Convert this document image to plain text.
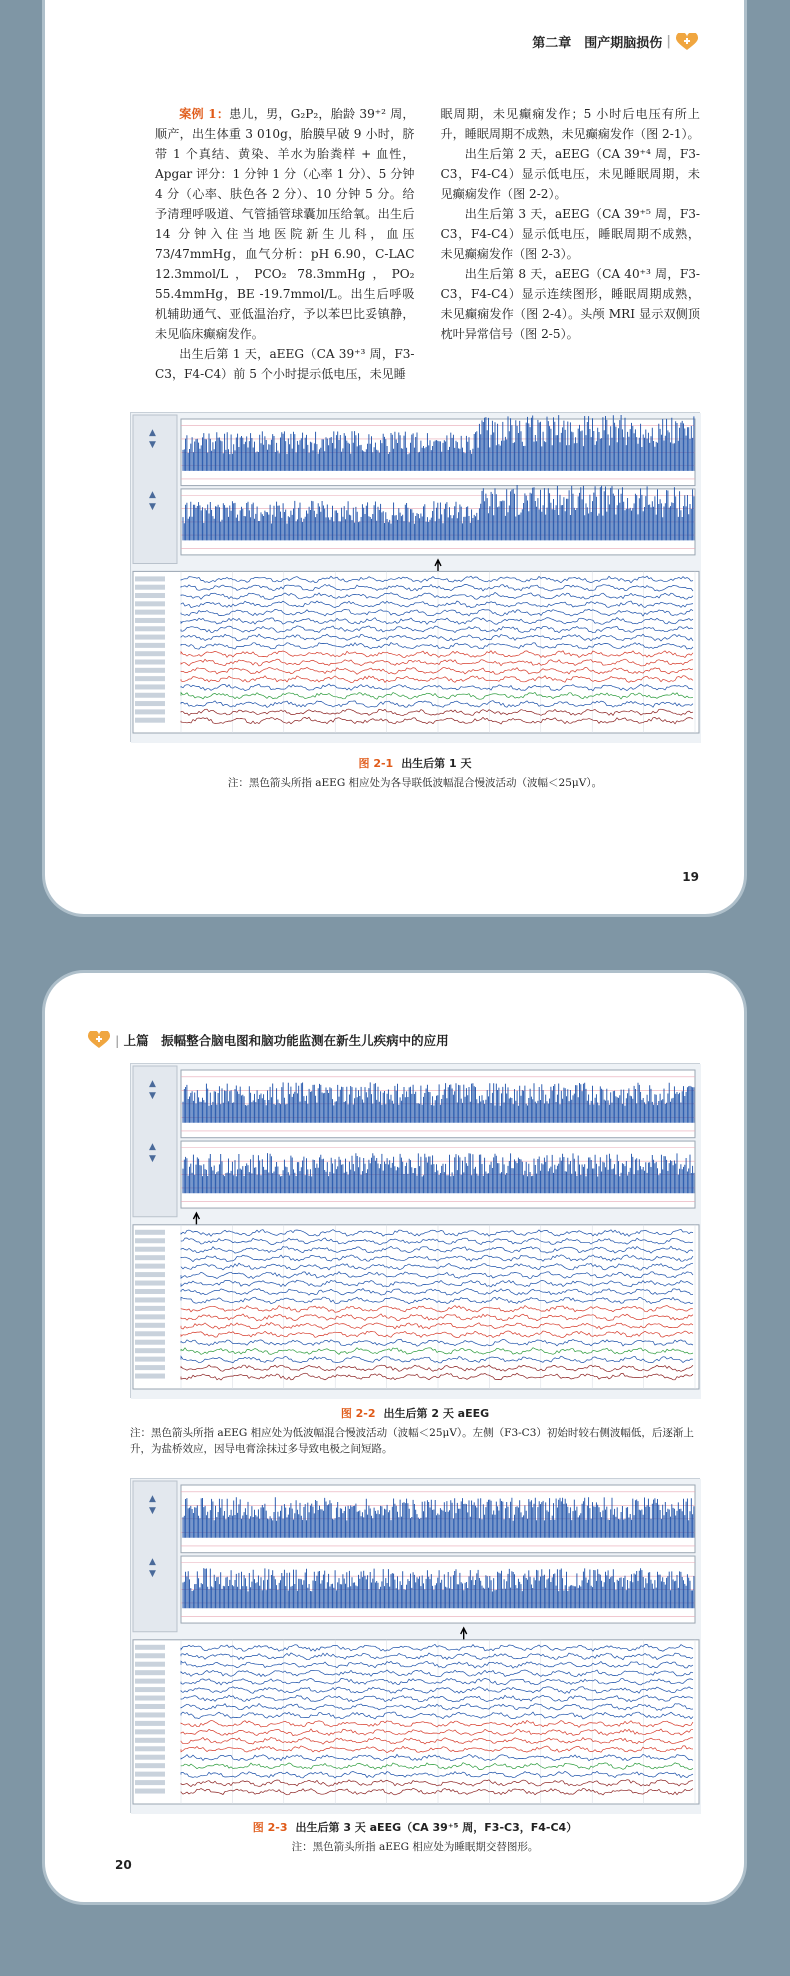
第二章　围产期脑损伤 |

案例 1：患儿，男，G₂P₂，胎龄 39⁺² 周，顺产，出生体重 3 010g，胎膜早破 9 小时，脐带 1 个真结、黄染、羊水为胎粪样 + 血性，Apgar 评分：1 分钟 1 分（心率 1 分）、5 分钟 4 分（心率、肤色各 2 分）、10 分钟 5 分。给予清理呼吸道、气管插管球囊加压给氧。出生后 14 分钟入住当地医院新生儿科，血压 73/47mmHg，血气分析：pH 6.90，C-LAC 12.3mmol/L，PCO₂ 78.3mmHg，PO₂ 55.4mmHg，BE -19.7mmol/L。出生后呼吸机辅助通气、亚低温治疗，予以苯巴比妥镇静，未见临床癫痫发作。

出生后第 1 天，aEEG（CA 39⁺³ 周，F3-C3，F4-C4）前 5 个小时提示低电压，未见睡

眠周期，未见癫痫发作；5 小时后电压有所上升，睡眠周期不成熟，未见癫痫发作（图 2-1）。

出生后第 2 天，aEEG（CA 39⁺⁴ 周，F3-C3，F4-C4）显示低电压，未见睡眠周期，未见癫痫发作（图 2-2）。

出生后第 3 天，aEEG（CA 39⁺⁵ 周，F3-C3，F4-C4）显示低电压，睡眠周期不成熟，未见癫痫发作（图 2-3）。

出生后第 8 天，aEEG（CA 40⁺³ 周，F3-C3，F4-C4）显示连续图形，睡眠周期成熟，未见癫痫发作（图 2-4）。头颅 MRI 显示双侧顶枕叶异常信号（图 2-5）。

▲
▼
▲
▼
图 2-1 出生后第 1 天
注：黑色箭头所指 aEEG 相应处为各导联低波幅混合慢波活动（波幅＜25μV）。
19
| 上篇　振幅整合脑电图和脑功能监测在新生儿疾病中的应用
▲
▼
▲
▼
图 2-2 出生后第 2 天 aEEG
注：黑色箭头所指 aEEG 相应处为低波幅混合慢波活动（波幅＜25μV）。左侧（F3-C3）初始时较右侧波幅低，后逐渐上升，为盐桥效应，因导电膏涂抹过多导致电极之间短路。
▲
▼
▲
▼
图 2-3 出生后第 3 天 aEEG（CA 39⁺⁵ 周，F3-C3，F4-C4）
注：黑色箭头所指 aEEG 相应处为睡眠期交替图形。
20
